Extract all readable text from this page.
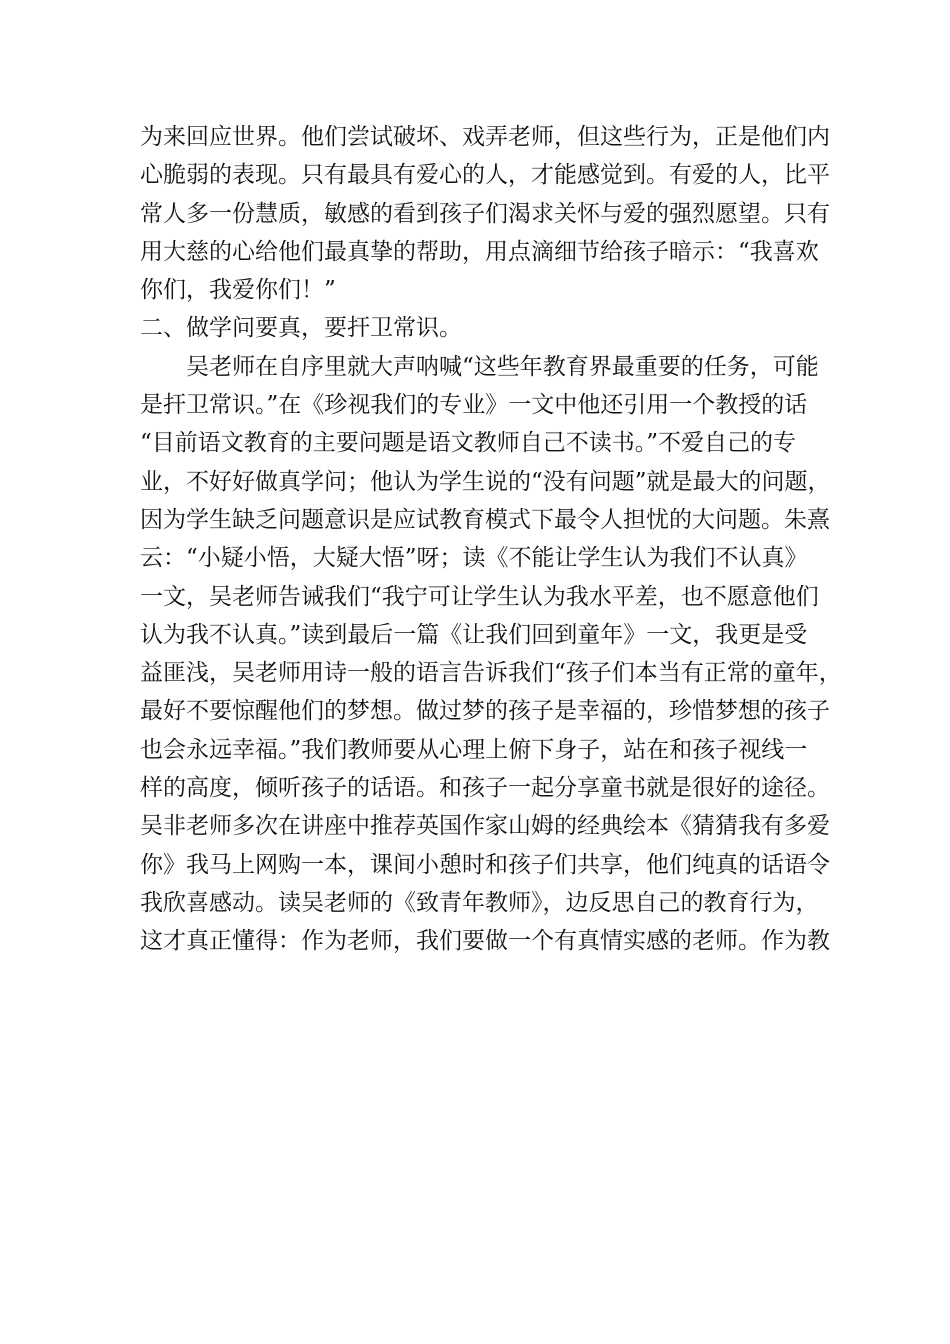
为来回应世界。他们尝试破坏、戏弄老师，但这些行为，正是他们内
心脆弱的表现。只有最具有爱心的人，才能感觉到。有爱的人，比平
常人多一份慧质，敏感的看到孩子们渴求关怀与爱的强烈愿望。只有
用大慈的心给他们最真挚的帮助，用点滴细节给孩子暗示：“我喜欢
你们，我爱你们！”
二、做学问要真，要扞卫常识。
　　吴老师在自序里就大声呐喊“这些年教育界最重要的任务，可能
是扞卫常识。”在《珍视我们的专业》一文中他还引用一个教授的话
“目前语文教育的主要问题是语文教师自己不读书。”不爱自己的专
业，不好好做真学问；他认为学生说的“没有问题”就是最大的问题，
因为学生缺乏问题意识是应试教育模式下最令人担忧的大问题。朱熹
云：“小疑小悟，大疑大悟”呀；读《不能让学生认为我们不认真》
一文，吴老师告诫我们“我宁可让学生认为我水平差，也不愿意他们
认为我不认真。”读到最后一篇《让我们回到童年》一文，我更是受
益匪浅，吴老师用诗一般的语言告诉我们“孩子们本当有正常的童年，
最好不要惊醒他们的梦想。做过梦的孩子是幸福的，珍惜梦想的孩子
也会永远幸福。”我们教师要从心理上俯下身子，站在和孩子视线一
样的高度，倾听孩子的话语。和孩子一起分享童书就是很好的途径。
吴非老师多次在讲座中推荐英国作家山姆的经典绘本《猜猜我有多爱
你》我马上网购一本，课间小憩时和孩子们共享，他们纯真的话语令
我欣喜感动。读吴老师的《致青年教师》，边反思自己的教育行为，
这才真正懂得：作为老师，我们要做一个有真情实感的老师。作为教
